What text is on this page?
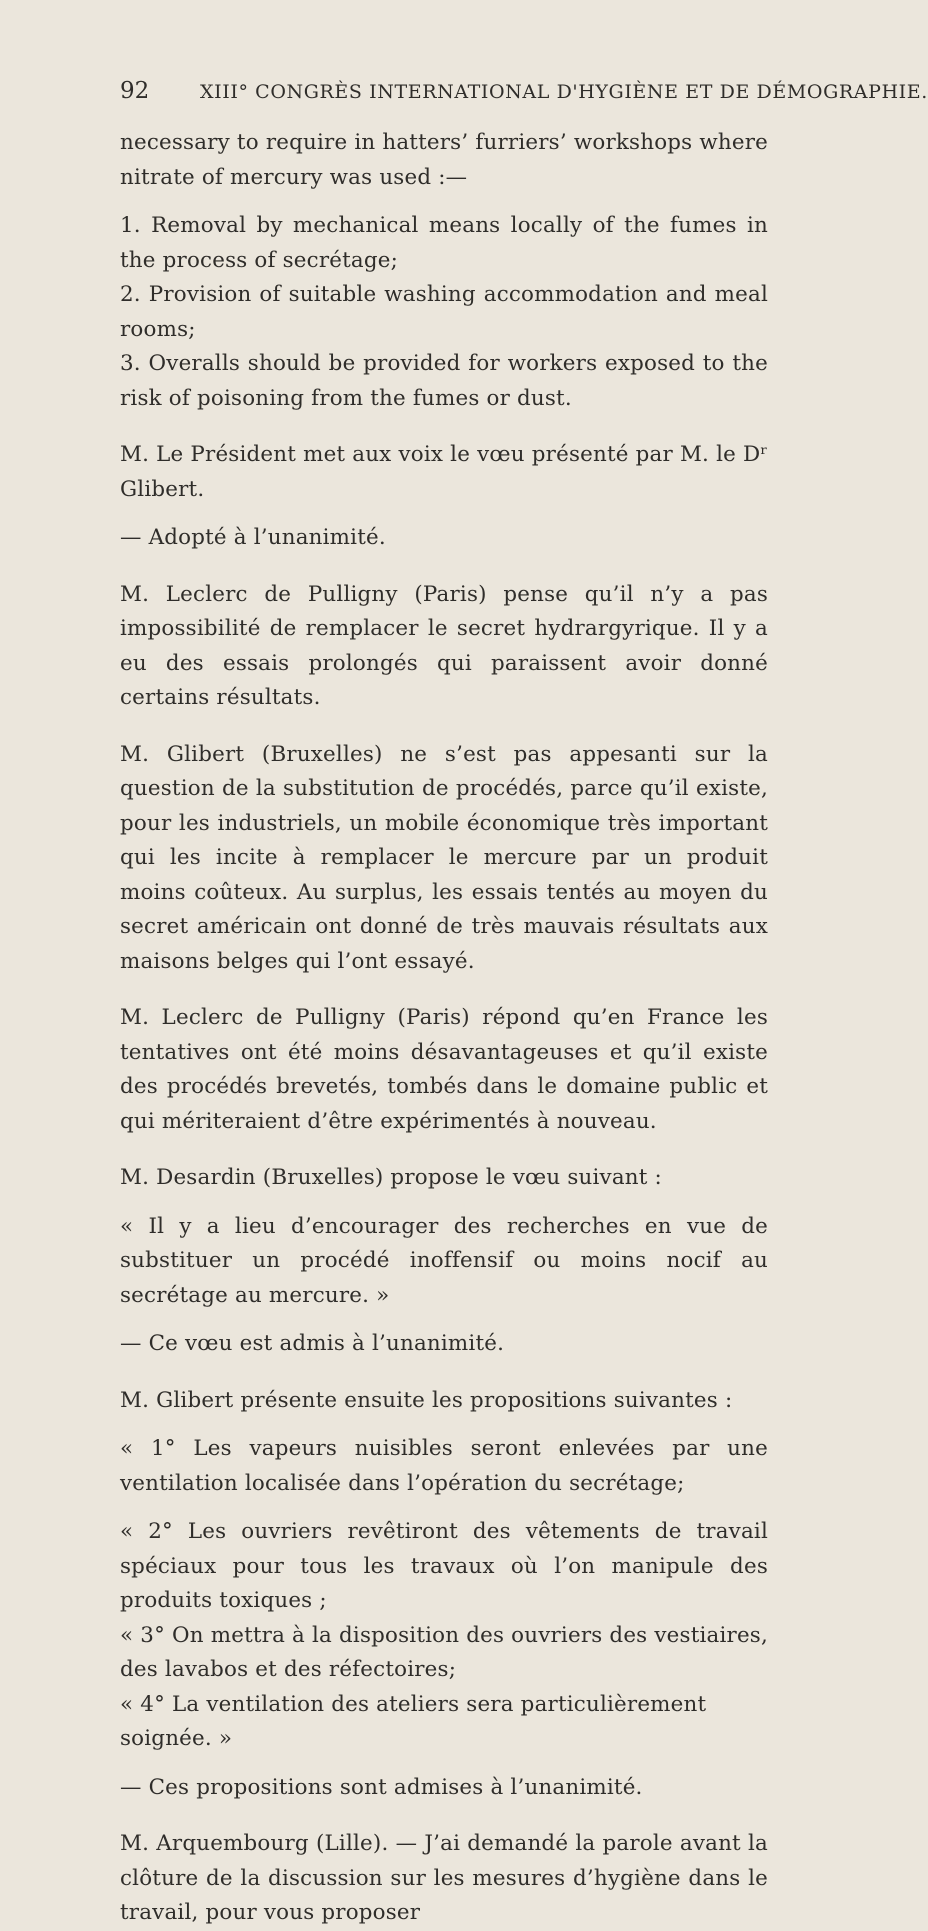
92	XIII° CONGRÈS INTERNATIONAL D'HYGIÈNE ET DE DÉMOGRAPHIE.

necessary to require in hatters’ furriers’ workshops where nitrate of mercury was used :—

1. Removal by mechanical means locally of the fumes in the process of secrétage;

2. Provision of suitable washing accommodation and meal rooms;

3. Overalls should be provided for workers exposed to the risk of poisoning from the fumes or dust.

M. Le Président met aux voix le vœu présenté par M. le Dʳ Glibert.

— Adopté à l’unanimité.

M. Leclerc de Pulligny (Paris) pense qu’il n’y a pas impossibilité de remplacer le secret hydrargyrique. Il y a eu des essais prolongés qui paraissent avoir donné certains résultats.

M. Glibert (Bruxelles) ne s’est pas appesanti sur la question de la substitution de procédés, parce qu’il existe, pour les industriels, un mobile économique très important qui les incite à remplacer le mercure par un produit moins coûteux. Au surplus, les essais tentés au moyen du secret américain ont donné de très mauvais résultats aux maisons belges qui l’ont essayé.

M. Leclerc de Pulligny (Paris) répond qu’en France les tentatives ont été moins désavantageuses et qu’il existe des procédés brevetés, tombés dans le domaine public et qui mériteraient d’être expérimentés à nouveau.

M. Desardin (Bruxelles) propose le vœu suivant :

« Il y a lieu d’encourager des recherches en vue de substituer un procédé inoffensif ou moins nocif au secrétage au mercure. »

— Ce vœu est admis à l’unanimité.

M. Glibert présente ensuite les propositions suivantes :

« 1° Les vapeurs nuisibles seront enlevées par une ventilation localisée dans l’opération du secrétage;

« 2° Les ouvriers revêtiront des vêtements de travail spéciaux pour tous les travaux où l’on manipule des produits toxiques ;

« 3° On mettra à la disposition des ouvriers des vestiaires, des lavabos et des réfectoires;

« 4° La ventilation des ateliers sera particulièrement soignée. »

— Ces propositions sont admises à l’unanimité.

M. Arquembourg (Lille). — J’ai demandé la parole avant la clôture de la discussion sur les mesures d’hygiène dans le travail, pour vous proposer
